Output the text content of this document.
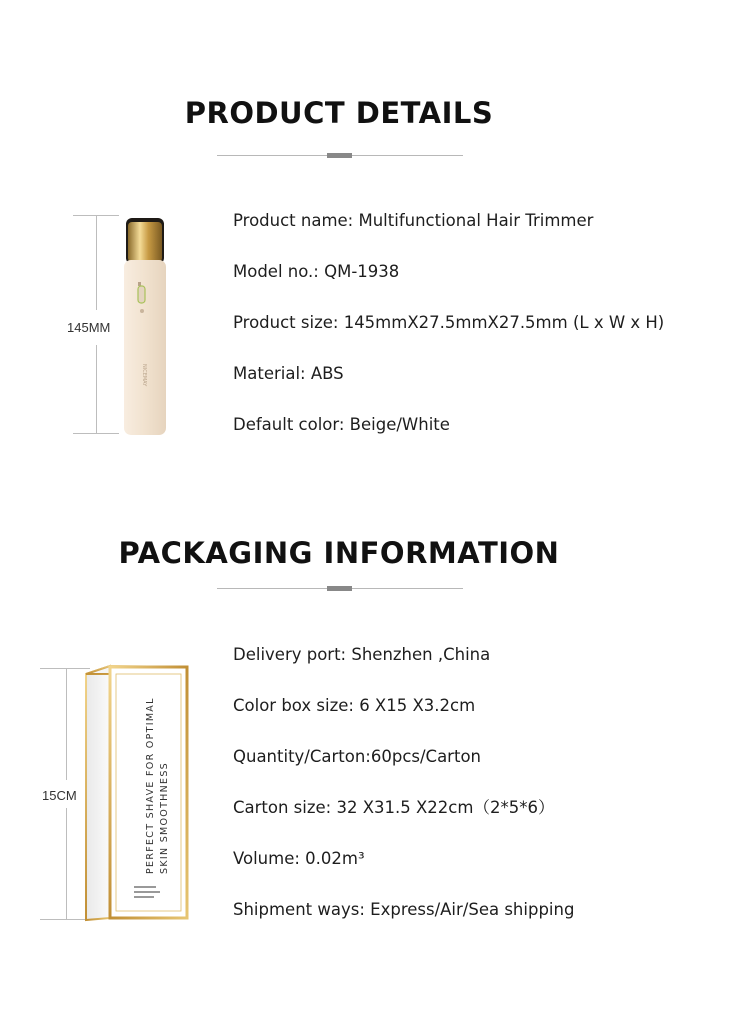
PRODUCT DETAILS
145MM
NICEMAY
Product name: Multifunctional Hair Trimmer
Model no.: QM-1938
Product size: 145mmX27.5mmX27.5mm (L x W x H)
Material: ABS
Default color: Beige/White
PACKAGING INFORMATION
15CM	PERFECT SHAVE FOR OPTIMAL SKIN SMOOTHNESS
Delivery port: Shenzhen ,China
Color box size: 6 X15 X3.2cm
Quantity/Carton:60pcs/Carton
Carton size: 32 X31.5 X22cm（2*5*6）
Volume: 0.02m³
Shipment ways: Express/Air/Sea shipping
